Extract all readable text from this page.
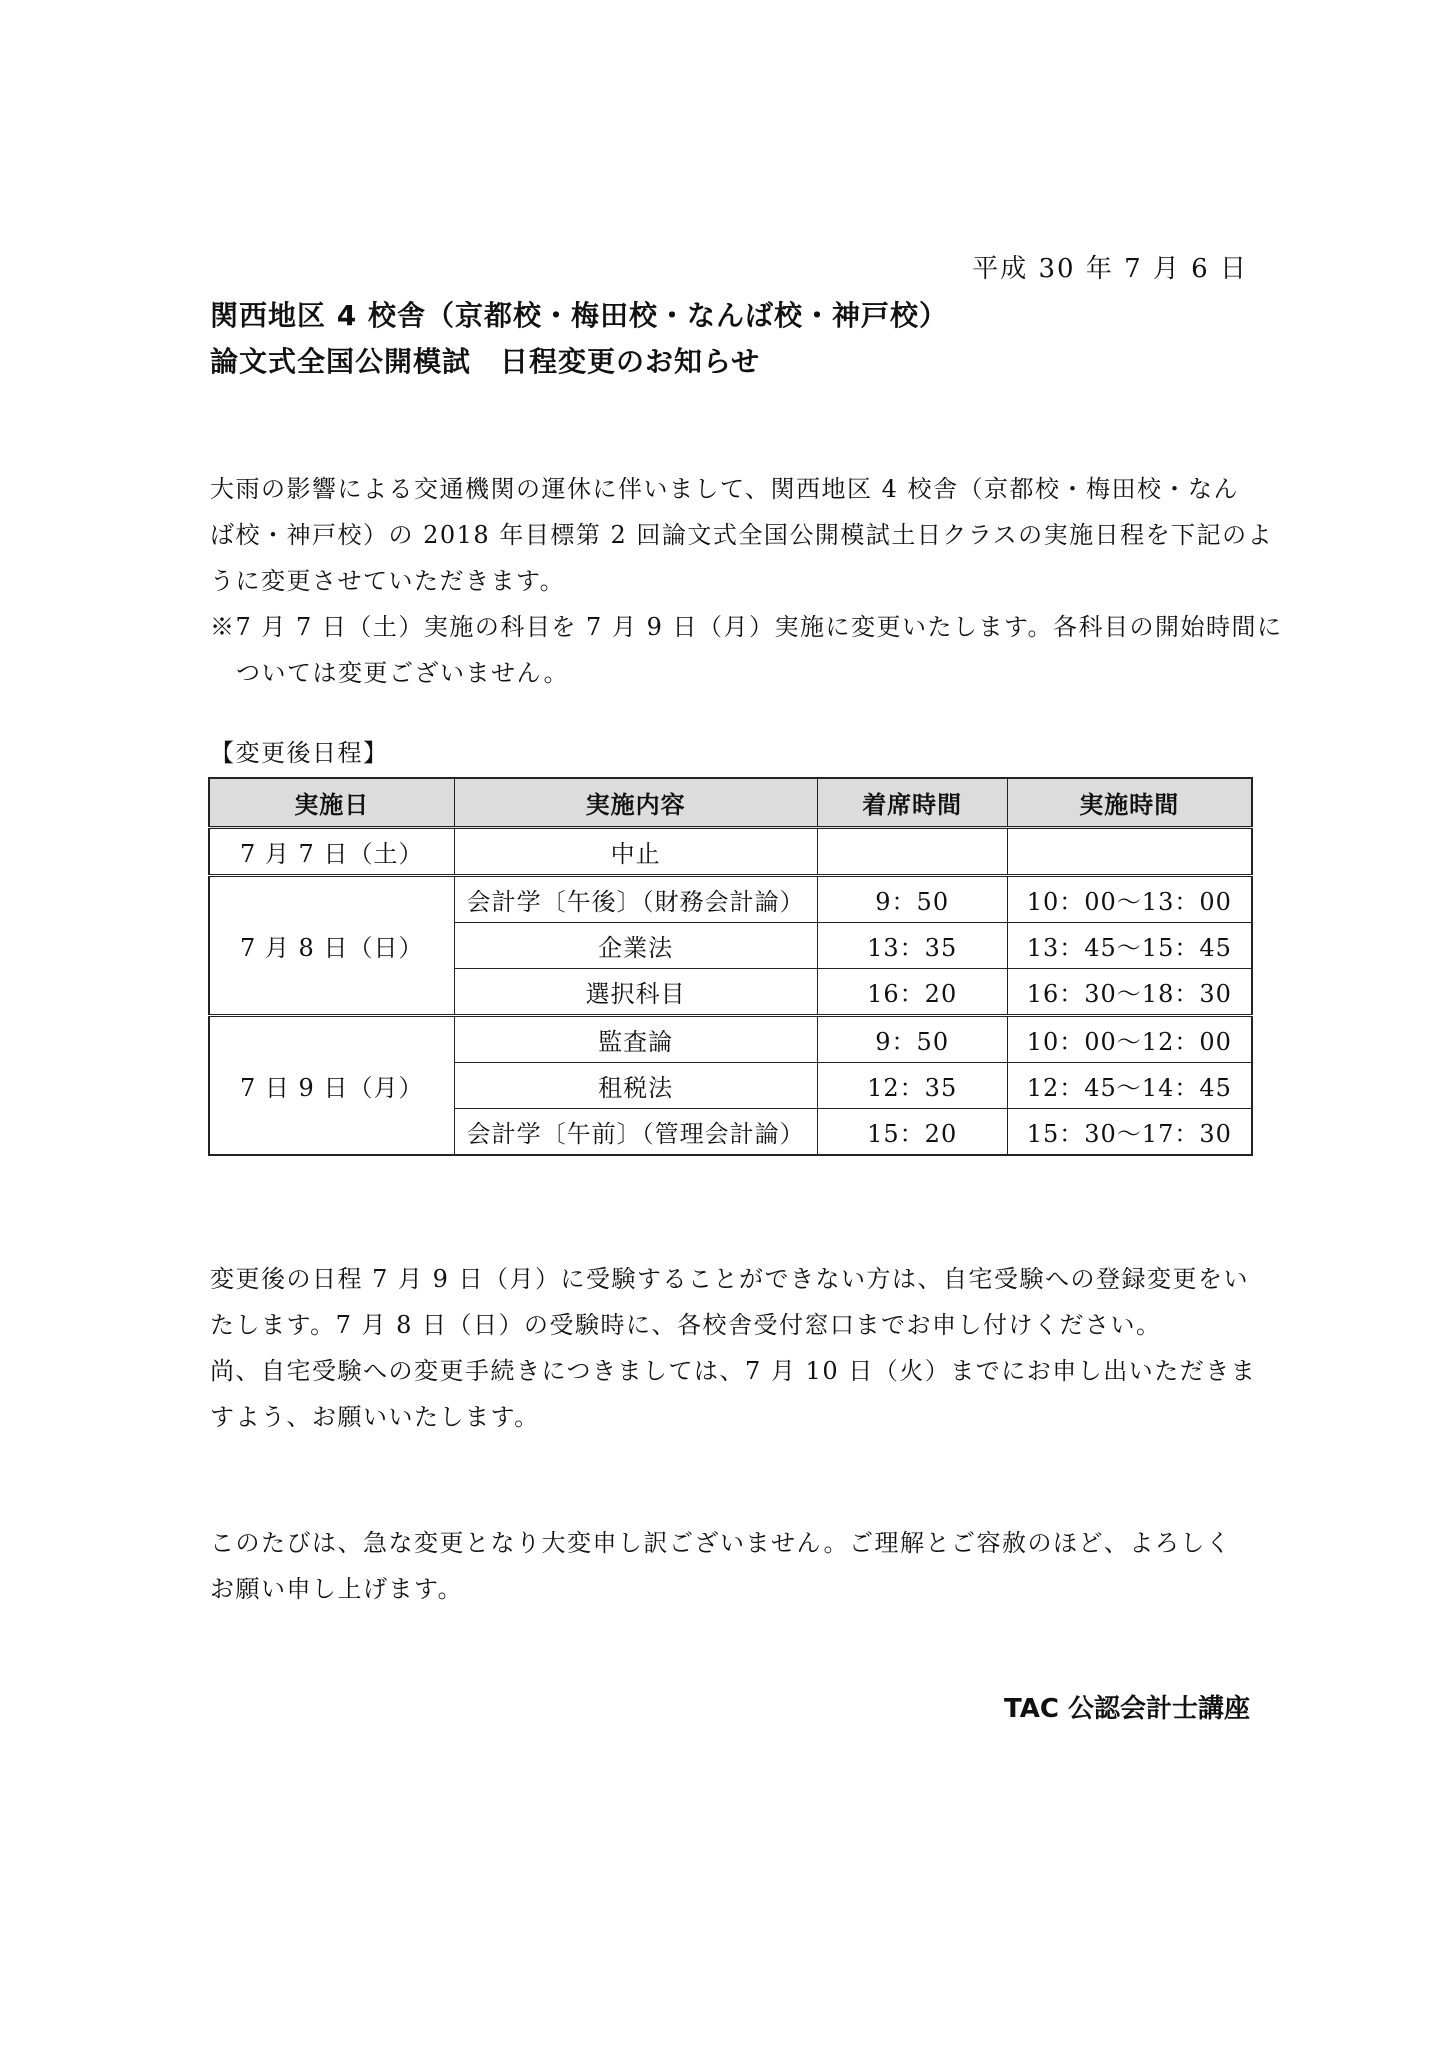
平成 30 年 7 月 6 日
関西地区 4 校舎（京都校・梅田校・なんば校・神戸校）
論文式全国公開模試　日程変更のお知らせ
大雨の影響による交通機関の運休に伴いまして、関西地区 4 校舎（京都校・梅田校・なん
ば校・神戸校）の 2018 年目標第 2 回論文式全国公開模試土日クラスの実施日程を下記のよ
うに変更させていただきます。
※7 月 7 日（土）実施の科目を 7 月 9 日（月）実施に変更いたします。各科目の開始時間に
ついては変更ございません。
【変更後日程】
実施日	実施内容	着席時間	実施時間
7 月 7 日（土）	中止		
7 月 8 日（日）	会計学〔午後〕（財務会計論）	9：50	10：00〜13：00
	企業法	13：35	13：45〜15：45
	選択科目	16：20	16：30〜18：30
7 日 9 日（月）	監査論	9：50	10：00〜12：00
	租税法	12：35	12：45〜14：45
	会計学〔午前〕（管理会計論）	15：20	15：30〜17：30
変更後の日程 7 月 9 日（月）に受験することができない方は、自宅受験への登録変更をい
たします。7 月 8 日（日）の受験時に、各校舎受付窓口までお申し付けください。
尚、自宅受験への変更手続きにつきましては、7 月 10 日（火）までにお申し出いただきま
すよう、お願いいたします。
このたびは、急な変更となり大変申し訳ございません。ご理解とご容赦のほど、よろしく
お願い申し上げます。
TAC 公認会計士講座
